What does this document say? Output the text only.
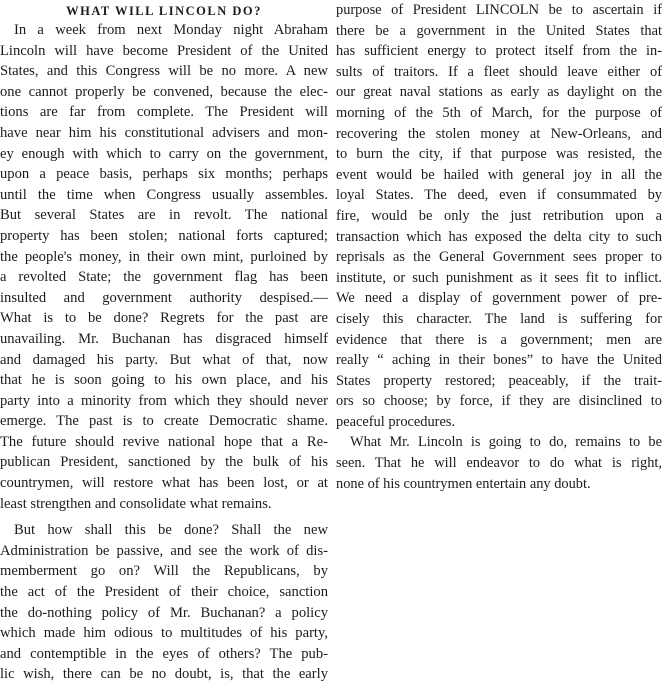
WHAT WILL LINCOLN DO?
In a week from next Monday night Abraham
Lincoln will have become President of the United
States, and this Congress will be no more. A new
one cannot properly be convened, because the elec-
tions are far from complete. The President will
have near him his constitutional advisers and mon-
ey enough with which to carry on the government,
upon a peace basis, perhaps six months; perhaps
until the time when Congress usually assembles.
But several States are in revolt. The national
property has been stolen; national forts captured;
the people's money, in their own mint, purloined by
a revolted State; the government flag has been
insulted and government authority despised.—
What is to be done? Regrets for the past are
unavailing. Mr. Buchanan has disgraced himself
and damaged his party. But what of that, now
that he is soon going to his own place, and his
party into a minority from which they should never
emerge. The past is to create Democratic shame.
The future should revive national hope that a Re-
publican President, sanctioned by the bulk of his
countrymen, will restore what has been lost, or at
least strengthen and consolidate what remains.
But how shall this be done? Shall the new
Administration be passive, and see the work of dis-
memberment go on? Will the Republicans, by
the act of the President of their choice, sanction
the do-nothing policy of Mr. Buchanan? a policy
which made him odious to multitudes of his party,
and contemptible in the eyes of others? The pub-
lic wish, there can be no doubt, is, that the early
purpose of President LINCOLN be to ascertain if
there be a government in the United States that
has sufficient energy to protect itself from the in-
sults of traitors. If a fleet should leave either of
our great naval stations as early as daylight on the
morning of the 5th of March, for the purpose of
recovering the stolen money at New-Orleans, and
to burn the city, if that purpose was resisted, the
event would be hailed with general joy in all the
loyal States. The deed, even if consummated by
fire, would be only the just retribution upon a
transaction which has exposed the delta city to such
reprisals as the General Government sees proper to
institute, or such punishment as it sees fit to inflict.
We need a display of government power of pre-
cisely this character. The land is suffering for
evidence that there is a government; men are
really “ aching in their bones” to have the United
States property restored; peaceably, if the trait-
ors so choose; by force, if they are disinclined to
peaceful procedures.
What Mr. Lincoln is going to do, remains to be
seen. That he will endeavor to do what is right,
none of his countrymen entertain any doubt.
